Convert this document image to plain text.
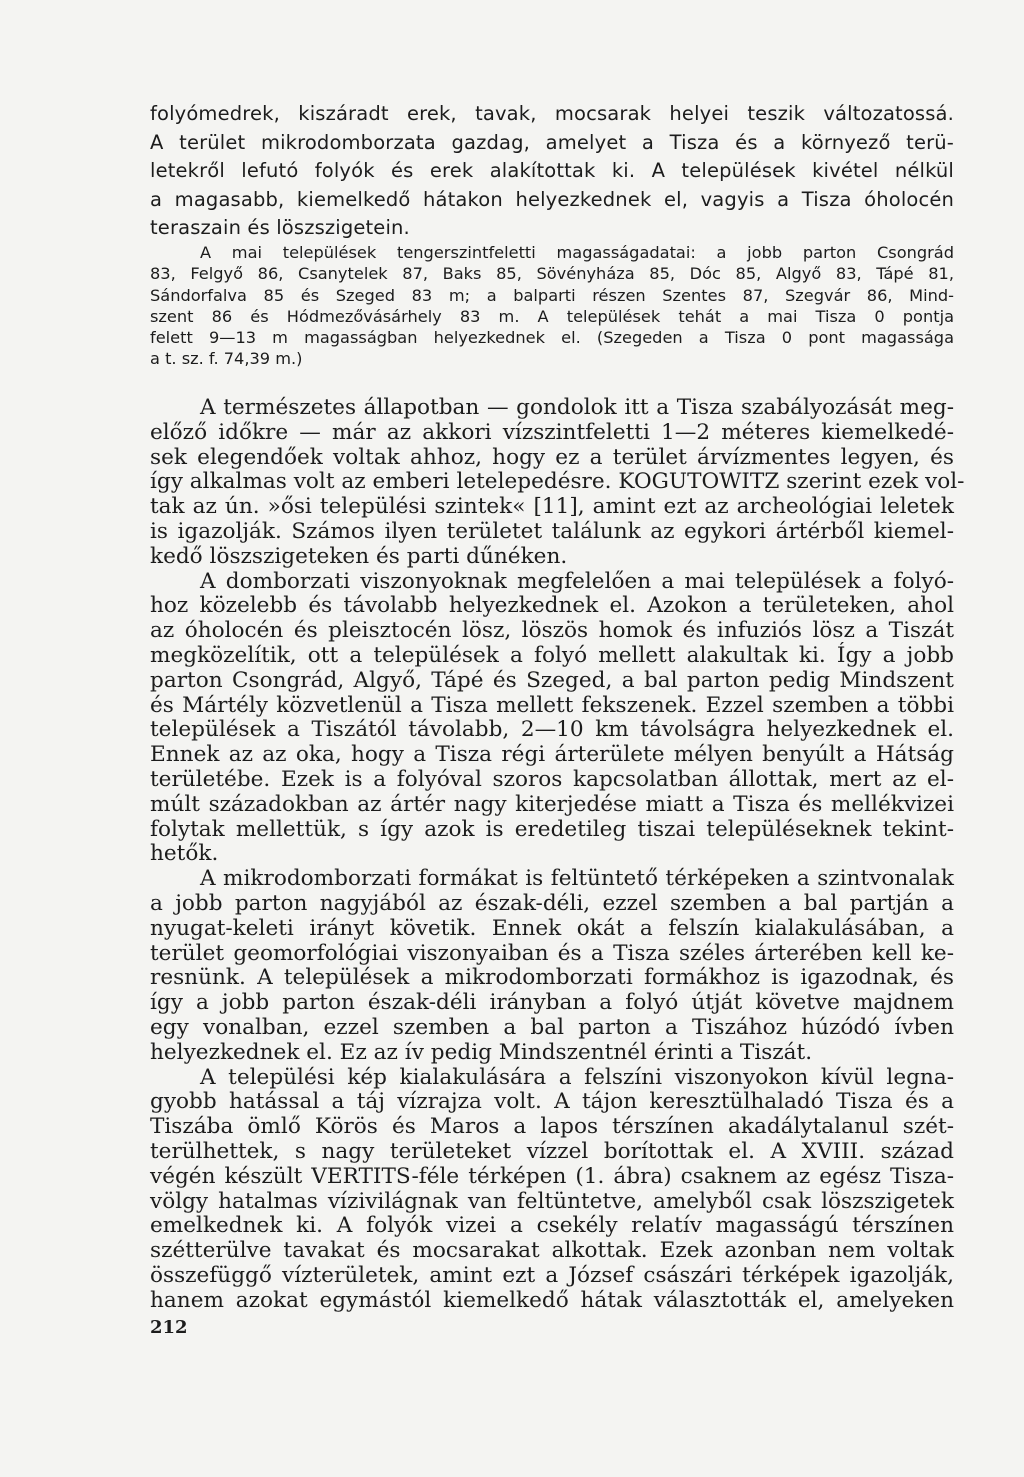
folyómedrek, kiszáradt erek, tavak, mocsarak helyei teszik változatossá.
A terület mikrodomborzata gazdag, amelyet a Tisza és a környező terü-
letekről lefutó folyók és erek alakítottak ki. A települések kivétel nélkül
a magasabb, kiemelkedő hátakon helyezkednek el, vagyis a Tisza óholocén
teraszain és löszszigetein.
A mai települések tengerszintfeletti magasságadatai: a jobb parton Csongrád
83, Felgyő 86, Csanytelek 87, Baks 85, Sövényháza 85, Dóc 85, Algyő 83, Tápé 81,
Sándorfalva 85 és Szeged 83 m; a balparti részen Szentes 87, Szegvár 86, Mind-
szent 86 és Hódmezővásárhely 83 m. A települések tehát a mai Tisza 0 pontja
felett 9—13 m magasságban helyezkednek el. (Szegeden a Tisza 0 pont magassága
a t. sz. f. 74,39 m.)
A természetes állapotban — gondolok itt a Tisza szabályozását meg-
előző időkre — már az akkori vízszintfeletti 1—2 méteres kiemelkedé-
sek elegendőek voltak ahhoz, hogy ez a terület árvízmentes legyen, és
így alkalmas volt az emberi letelepedésre. KOGUTOWITZ szerint ezek vol-
tak az ún. »ősi települési szintek« [11], amint ezt az archeológiai leletek
is igazolják. Számos ilyen területet találunk az egykori ártérből kiemel-
kedő löszszigeteken és parti dűnéken.
A domborzati viszonyoknak megfelelően a mai települések a folyó-
hoz közelebb és távolabb helyezkednek el. Azokon a területeken, ahol
az óholocén és pleisztocén lösz, löszös homok és infuziós lösz a Tiszát
megközelítik, ott a települések a folyó mellett alakultak ki. Így a jobb
parton Csongrád, Algyő, Tápé és Szeged, a bal parton pedig Mindszent
és Mártély közvetlenül a Tisza mellett fekszenek. Ezzel szemben a többi
települések a Tiszától távolabb, 2—10 km távolságra helyezkednek el.
Ennek az az oka, hogy a Tisza régi árterülete mélyen benyúlt a Hátság
területébe. Ezek is a folyóval szoros kapcsolatban állottak, mert az el-
múlt századokban az ártér nagy kiterjedése miatt a Tisza és mellékvizei
folytak mellettük, s így azok is eredetileg tiszai településeknek tekint-
hetők.
A mikrodomborzati formákat is feltüntető térképeken a szintvonalak
a jobb parton nagyjából az észak-déli, ezzel szemben a bal partján a
nyugat-keleti irányt követik. Ennek okát a felszín kialakulásában, a
terület geomorfológiai viszonyaiban és a Tisza széles árterében kell ke-
resnünk. A települések a mikrodomborzati formákhoz is igazodnak, és
így a jobb parton észak-déli irányban a folyó útját követve majdnem
egy vonalban, ezzel szemben a bal parton a Tiszához húzódó ívben
helyezkednek el. Ez az ív pedig Mindszentnél érinti a Tiszát.
A települési kép kialakulására a felszíni viszonyokon kívül legna-
gyobb hatással a táj vízrajza volt. A tájon keresztülhaladó Tisza és a
Tiszába ömlő Körös és Maros a lapos térszínen akadálytalanul szét-
terülhettek, s nagy területeket vízzel borítottak el. A XVIII. század
végén készült VERTITS-féle térképen (1. ábra) csaknem az egész Tisza-
völgy hatalmas vízivilágnak van feltüntetve, amelyből csak löszszigetek
emelkednek ki. A folyók vizei a csekély relatív magasságú térszínen
szétterülve tavakat és mocsarakat alkottak. Ezek azonban nem voltak
összefüggő vízterületek, amint ezt a József császári térképek igazolják,
hanem azokat egymástól kiemelkedő hátak választották el, amelyeken

212
